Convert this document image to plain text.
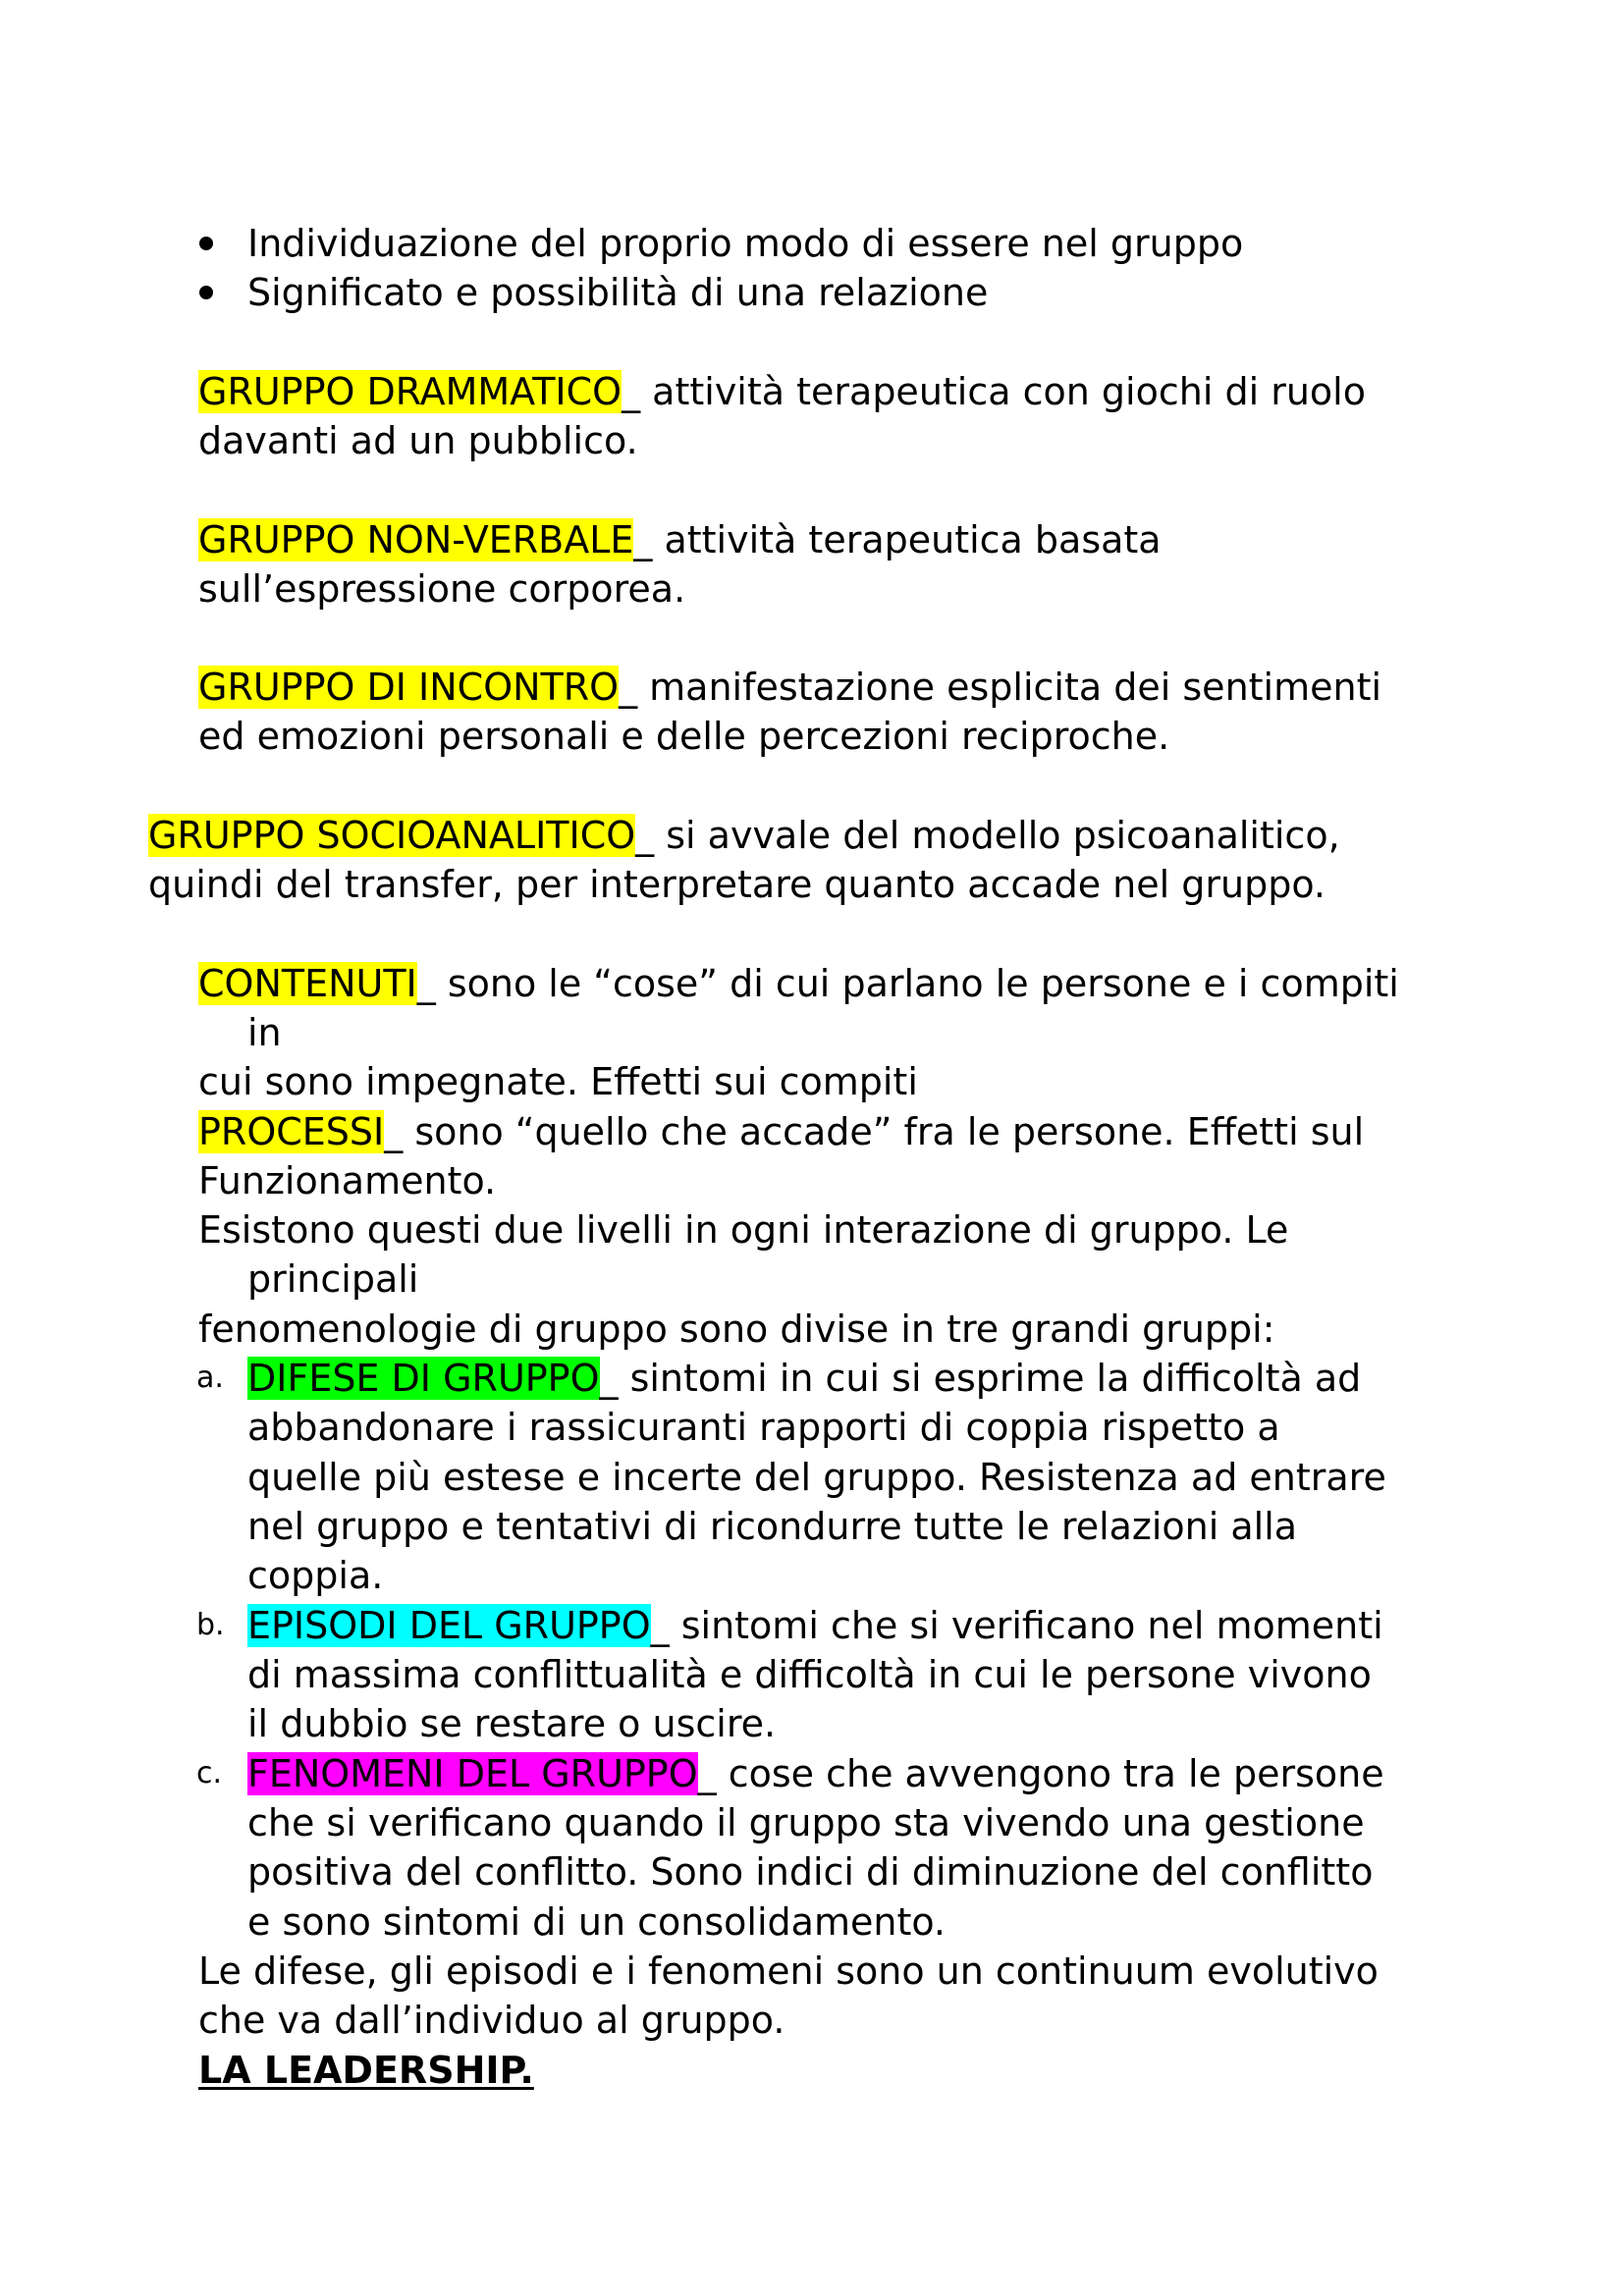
Individuazione del proprio modo di essere nel gruppo
Significato e possibilità di una relazione
GRUPPO DRAMMATICO_ attività terapeutica con giochi di ruolo
davanti ad un pubblico.
GRUPPO NON-VERBALE_ attività terapeutica basata
sull’espressione corporea.
GRUPPO DI INCONTRO_ manifestazione esplicita dei sentimenti
ed emozioni personali e delle percezioni reciproche.
GRUPPO SOCIOANALITICO_ si avvale del modello psicoanalitico,
quindi del transfer, per interpretare quanto accade nel gruppo.
CONTENUTI_ sono le “cose” di cui parlano le persone e i compiti
in
cui sono impegnate. Effetti sui compiti
PROCESSI_ sono “quello che accade” fra le persone. Effetti sul
Funzionamento.
Esistono questi due livelli in ogni interazione di gruppo. Le
principali
fenomenologie di gruppo sono divise in tre grandi gruppi:
a. DIFESE DI GRUPPO_ sintomi in cui si esprime la difficoltà ad
abbandonare i rassicuranti rapporti di coppia rispetto a
quelle più estese e incerte del gruppo. Resistenza ad entrare
nel gruppo e tentativi di ricondurre tutte le relazioni alla
coppia.
b. EPISODI DEL GRUPPO_ sintomi che si verificano nel momenti
di massima conflittualità e difficoltà in cui le persone vivono
il dubbio se restare o uscire.
c. FENOMENI DEL GRUPPO_ cose che avvengono tra le persone
che si verificano quando il gruppo sta vivendo una gestione
positiva del conflitto. Sono indici di diminuzione del conflitto
e sono sintomi di un consolidamento.
Le difese, gli episodi e i fenomeni sono un continuum evolutivo
che va dall’individuo al gruppo.
LA LEADERSHIP.
